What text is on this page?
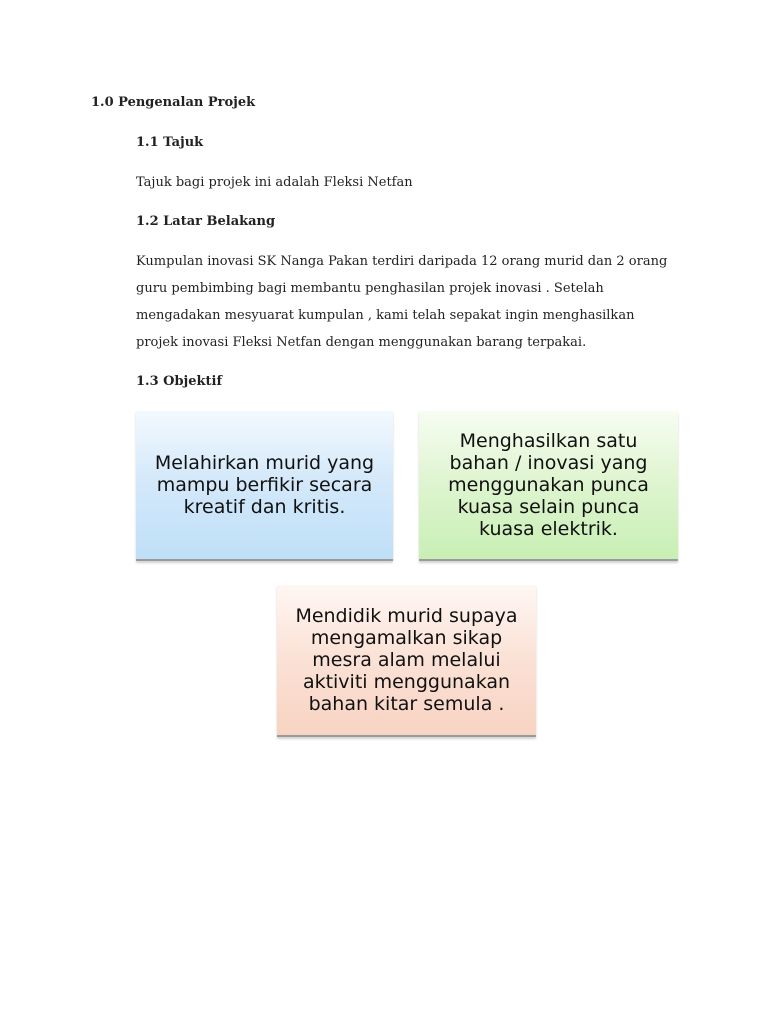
1.0 Pengenalan Projek
1.1 Tajuk
Tajuk bagi projek ini adalah Fleksi Netfan
1.2 Latar Belakang
Kumpulan inovasi SK Nanga Pakan terdiri daripada 12 orang murid dan 2 orang guru pembimbing bagi membantu penghasilan projek inovasi . Setelah mengadakan mesyuarat kumpulan , kami telah sepakat ingin menghasilkan projek inovasi Fleksi Netfan dengan menggunakan barang terpakai.
1.3 Objektif
Melahirkan murid yang mampu berfikir secara kreatif dan kritis.
Menghasilkan satu bahan / inovasi yang menggunakan punca kuasa selain punca kuasa elektrik.
Mendidik murid supaya mengamalkan sikap mesra alam melalui aktiviti menggunakan bahan kitar semula .
